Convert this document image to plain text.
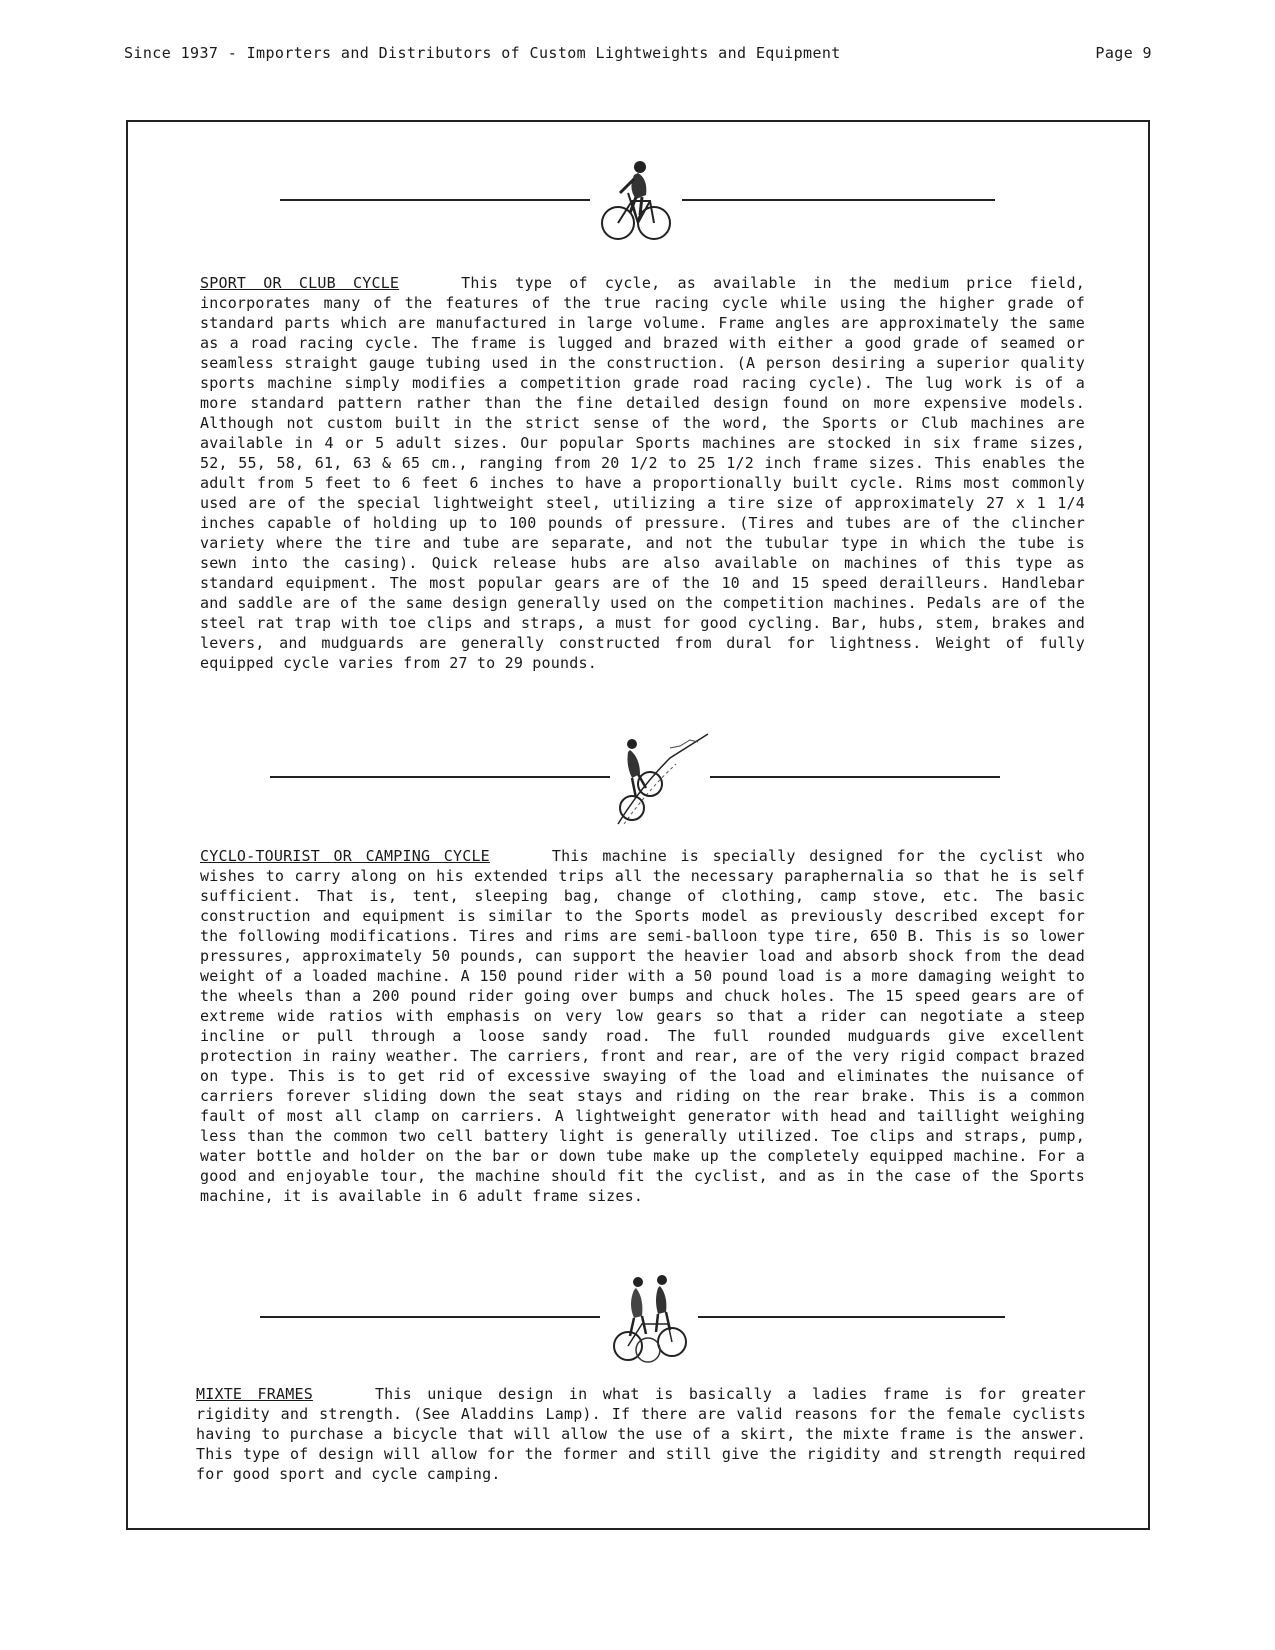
Since 1937 - Importers and Distributors of Custom Lightweights and Equipment	Page 9
SPORT OR CLUB CYCLE	This type of cycle, as available in the medium price field, incorporates many of the features of the true racing cycle while using the higher grade of standard parts which are manufactured in large volume. Frame angles are approximately the same as a road racing cycle. The frame is lugged and brazed with either a good grade of seamed or seamless straight gauge tubing used in the construction. (A person desiring a superior quality sports machine simply modifies a competition grade road racing cycle). The lug work is of a more standard pattern rather than the fine detailed design found on more expensive models. Although not custom built in the strict sense of the word, the Sports or Club machines are available in 4 or 5 adult sizes. Our popular Sports machines are stocked in six frame sizes, 52, 55, 58, 61, 63 & 65 cm., ranging from 20 1/2 to 25 1/2 inch frame sizes. This enables the adult from 5 feet to 6 feet 6 inches to have a proportionally built cycle. Rims most commonly used are of the special lightweight steel, utilizing a tire size of approximately 27 x 1 1/4 inches capable of holding up to 100 pounds of pressure. (Tires and tubes are of the clincher variety where the tire and tube are separate, and not the tubular type in which the tube is sewn into the casing). Quick release hubs are also available on machines of this type as standard equipment. The most popular gears are of the 10 and 15 speed derailleurs. Handlebar and saddle are of the same design generally used on the competition machines. Pedals are of the steel rat trap with toe clips and straps, a must for good cycling. Bar, hubs, stem, brakes and levers, and mudguards are generally constructed from dural for lightness. Weight of fully equipped cycle varies from 27 to 29 pounds.
CYCLO-TOURIST OR CAMPING CYCLE	This machine is specially designed for the cyclist who wishes to carry along on his extended trips all the necessary paraphernalia so that he is self sufficient. That is, tent, sleeping bag, change of clothing, camp stove, etc. The basic construction and equipment is similar to the Sports model as previously described except for the following modifications. Tires and rims are semi-balloon type tire, 650 B. This is so lower pressures, approximately 50 pounds, can support the heavier load and absorb shock from the dead weight of a loaded machine. A 150 pound rider with a 50 pound load is a more damaging weight to the wheels than a 200 pound rider going over bumps and chuck holes. The 15 speed gears are of extreme wide ratios with emphasis on very low gears so that a rider can negotiate a steep incline or pull through a loose sandy road. The full rounded mudguards give excellent protection in rainy weather. The carriers, front and rear, are of the very rigid compact brazed on type. This is to get rid of excessive swaying of the load and eliminates the nuisance of carriers forever sliding down the seat stays and riding on the rear brake. This is a common fault of most all clamp on carriers. A lightweight generator with head and taillight weighing less than the common two cell battery light is generally utilized. Toe clips and straps, pump, water bottle and holder on the bar or down tube make up the completely equipped machine. For a good and enjoyable tour, the machine should fit the cyclist, and as in the case of the Sports machine, it is available in 6 adult frame sizes.
MIXTE FRAMES	This unique design in what is basically a ladies frame is for greater rigidity and strength. (See Aladdins Lamp). If there are valid reasons for the female cyclists having to purchase a bicycle that will allow the use of a skirt, the mixte frame is the answer. This type of design will allow for the former and still give the rigidity and strength required for good sport and cycle camping.
